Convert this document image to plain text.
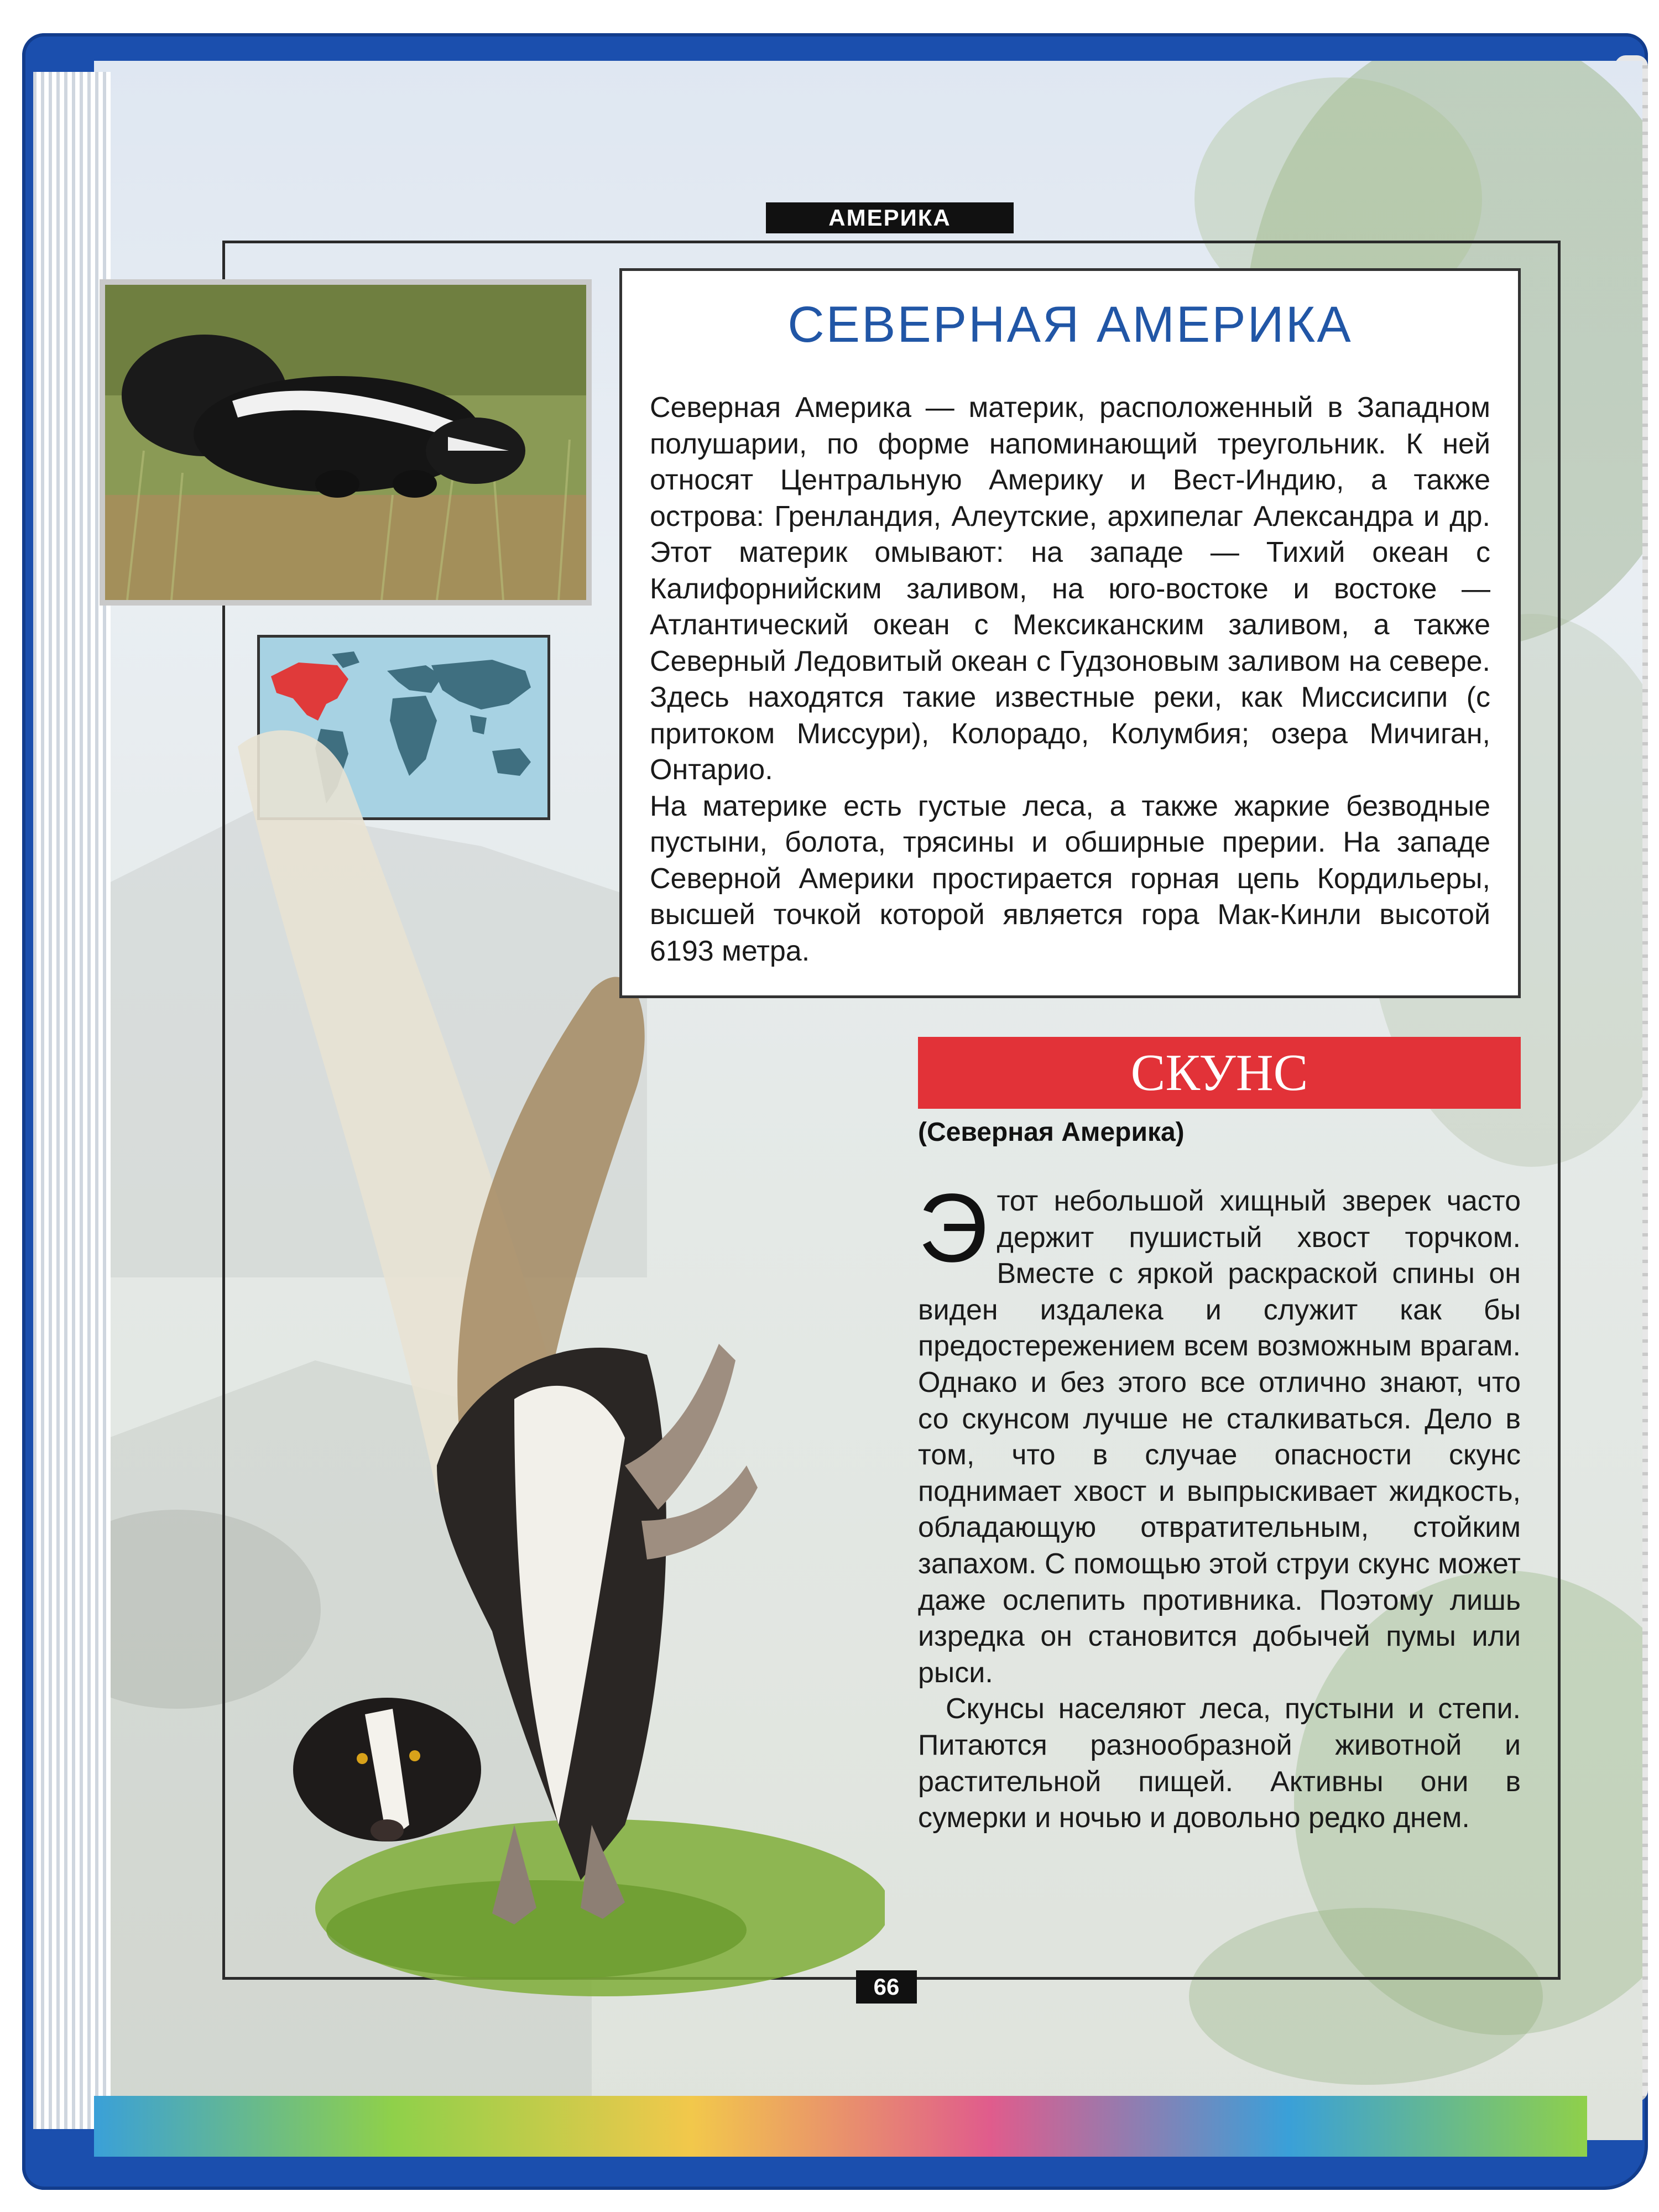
АМЕРИКА
СЕВЕРНАЯ АМЕРИКА

Северная Америка — материк, расположенный в Западном полушарии, по форме напоминающий треугольник. К ней относят Центральную Америку и Вест-Индию, а также острова: Гренландия, Алеутские, архипелаг Александра и др. Этот материк омывают: на западе — Тихий океан с Калифорнийским заливом, на юго-востоке и востоке — Атлантический океан с Мексиканским заливом, а также Северный Ледовитый океан с Гудзоновым заливом на севере. Здесь находятся такие известные реки, как Миссисипи (с притоком Миссури), Колорадо, Колумбия; озера Мичиган, Онтарио.

На материке есть густые леса, а также жаркие безводные пустыни, болота, трясины и обширные прерии. На западе Северной Америки простирается горная цепь Кордильеры, высшей точкой которой является гора Мак-Кинли высотой 6193 метра.

СКУНС
(Северная Америка)

Этот небольшой хищный зверек часто держит пушистый хвост торчком. Вместе с яркой раскраской спины он виден издалека и служит как бы предостережением всем возможным врагам. Однако и без этого все отлично знают, что со скунсом лучше не сталкиваться. Дело в том, что в случае опасности скунс поднимает хвост и выпрыскивает жидкость, обладающую отвратительным, стойким запахом. С помощью этой струи скунс может даже ослепить противника. Поэтому лишь изредка он становится добычей пумы или рыси.

Скунсы населяют леса, пустыни и степи. Питаются разнообразной животной и растительной пищей. Активны они в сумерки и ночью и довольно редко днем.

66
